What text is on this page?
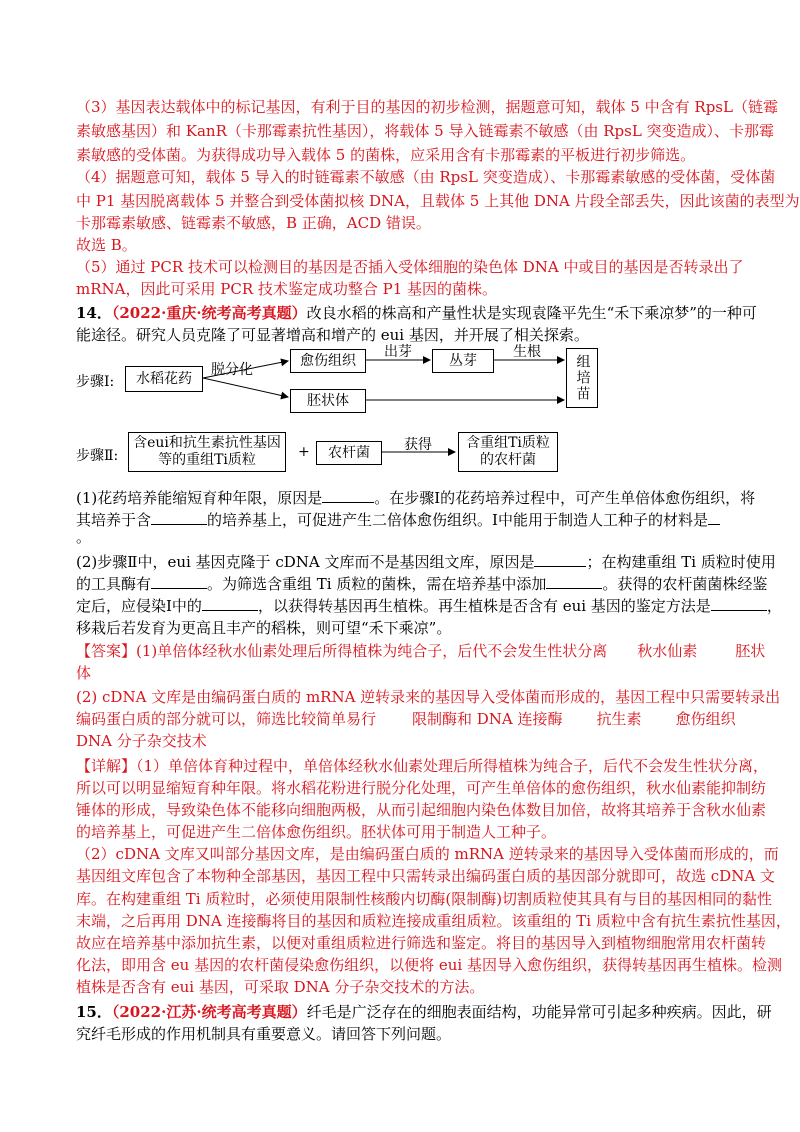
（3）基因表达载体中的标记基因，有利于目的基因的初步检测，据题意可知，载体 5 中含有 RpsL（链霉
素敏感基因）和 KanR（卡那霉素抗性基因），将载体 5 导入链霉素不敏感（由 RpsL 突变造成）、卡那霉
素敏感的受体菌。为获得成功导入载体 5 的菌株，应采用含有卡那霉素的平板进行初步筛选。
（4）据题意可知，载体 5 导入的时链霉素不敏感（由 RpsL 突变造成）、卡那霉素敏感的受体菌，受体菌
中 P1 基因脱离载体 5 并整合到受体菌拟核 DNA，且载体 5 上其他 DNA 片段全部丢失，因此该菌的表型为
卡那霉素敏感、链霉素不敏感，B 正确，ACD 错误。
故选 B。
（5）通过 PCR 技术可以检测目的基因是否插入受体细胞的染色体 DNA 中或目的基因是否转录出了
mRNA，因此可采用 PCR 技术鉴定成功整合 P1 基因的菌株。
14．（2022·重庆·统考高考真题）改良水稻的株高和产量性状是实现袁隆平先生“禾下乘凉梦”的一种可
能途径。研究人员克隆了可显著增高和增产的 eui 基因，并开展了相关探索。
步骤Ⅰ: 水稻花药
脱分化
愈伤组织
出芽
丛芽
生根
组培苗
胚状体
步骤Ⅱ:
含eui和抗生素抗性基因等的重组Ti质粒	+ 农杆菌 获得 含重组Ti质粒的农杆菌
(1)花药培养能缩短育种年限，原因是	。在步骤Ⅰ的花药培养过程中，可产生单倍体愈伤组织，将
其培养于含	的培养基上，可促进产生二倍体愈伤组织。Ⅰ中能用于制造人工种子的材料是
。
(2)步骤Ⅱ中，eui 基因克隆于 cDNA 文库而不是基因组文库，原因是	；在构建重组 Ti 质粒时使用
的工具酶有	。为筛选含重组 Ti 质粒的菌株，需在培养基中添加	。获得的农杆菌菌株经鉴
定后，应侵染Ⅰ中的	，以获得转基因再生植株。再生植株是否含有 eui 基因的鉴定方法是	，
移栽后若发育为更高且丰产的稻株，则可望“禾下乘凉”。
【答案】(1)单倍体经秋水仙素处理后所得植株为纯合子，后代不会发生性状分离 秋水仙素	胚状
体
(2) cDNA 文库是由编码蛋白质的 mRNA 逆转录来的基因导入受体菌而形成的，基因工程中只需要转录出
编码蛋白质的部分就可以，筛选比较简单易行 限制酶和 DNA 连接酶 抗生素 愈伤组织
DNA 分子杂交技术
【详解】（1）单倍体育种过程中，单倍体经秋水仙素处理后所得植株为纯合子，后代不会发生性状分离，
所以可以明显缩短育种年限。将水稻花粉进行脱分化处理，可产生单倍体的愈伤组织，秋水仙素能抑制纺
锤体的形成，导致染色体不能移向细胞两极，从而引起细胞内染色体数目加倍，故将其培养于含秋水仙素
的培养基上，可促进产生二倍体愈伤组织。胚状体可用于制造人工种子。
（2）cDNA 文库又叫部分基因文库，是由编码蛋白质的 mRNA 逆转录来的基因导入受体菌而形成的，而
基因组文库包含了本物种全部基因，基因工程中只需转录出编码蛋白质的基因部分就即可，故选 cDNA 文
库。在构建重组 Ti 质粒时，必须使用限制性核酸内切酶(限制酶)切割质粒使其具有与目的基因相同的黏性
末端，之后再用 DNA 连接酶将目的基因和质粒连接成重组质粒。该重组的 Ti 质粒中含有抗生素抗性基因，
故应在培养基中添加抗生素，以便对重组质粒进行筛选和鉴定。将目的基因导入到植物细胞常用农杆菌转
化法，即用含 eu 基因的农杆菌侵染愈伤组织，以便将 eui 基因导入愈伤组织，获得转基因再生植株。检测
植株是否含有 eui 基因，可采取 DNA 分子杂交技术的方法。
15．（2022·江苏·统考高考真题）纤毛是广泛存在的细胞表面结构，功能异常可引起多种疾病。因此，研
究纤毛形成的作用机制具有重要意义。请回答下列问题。
